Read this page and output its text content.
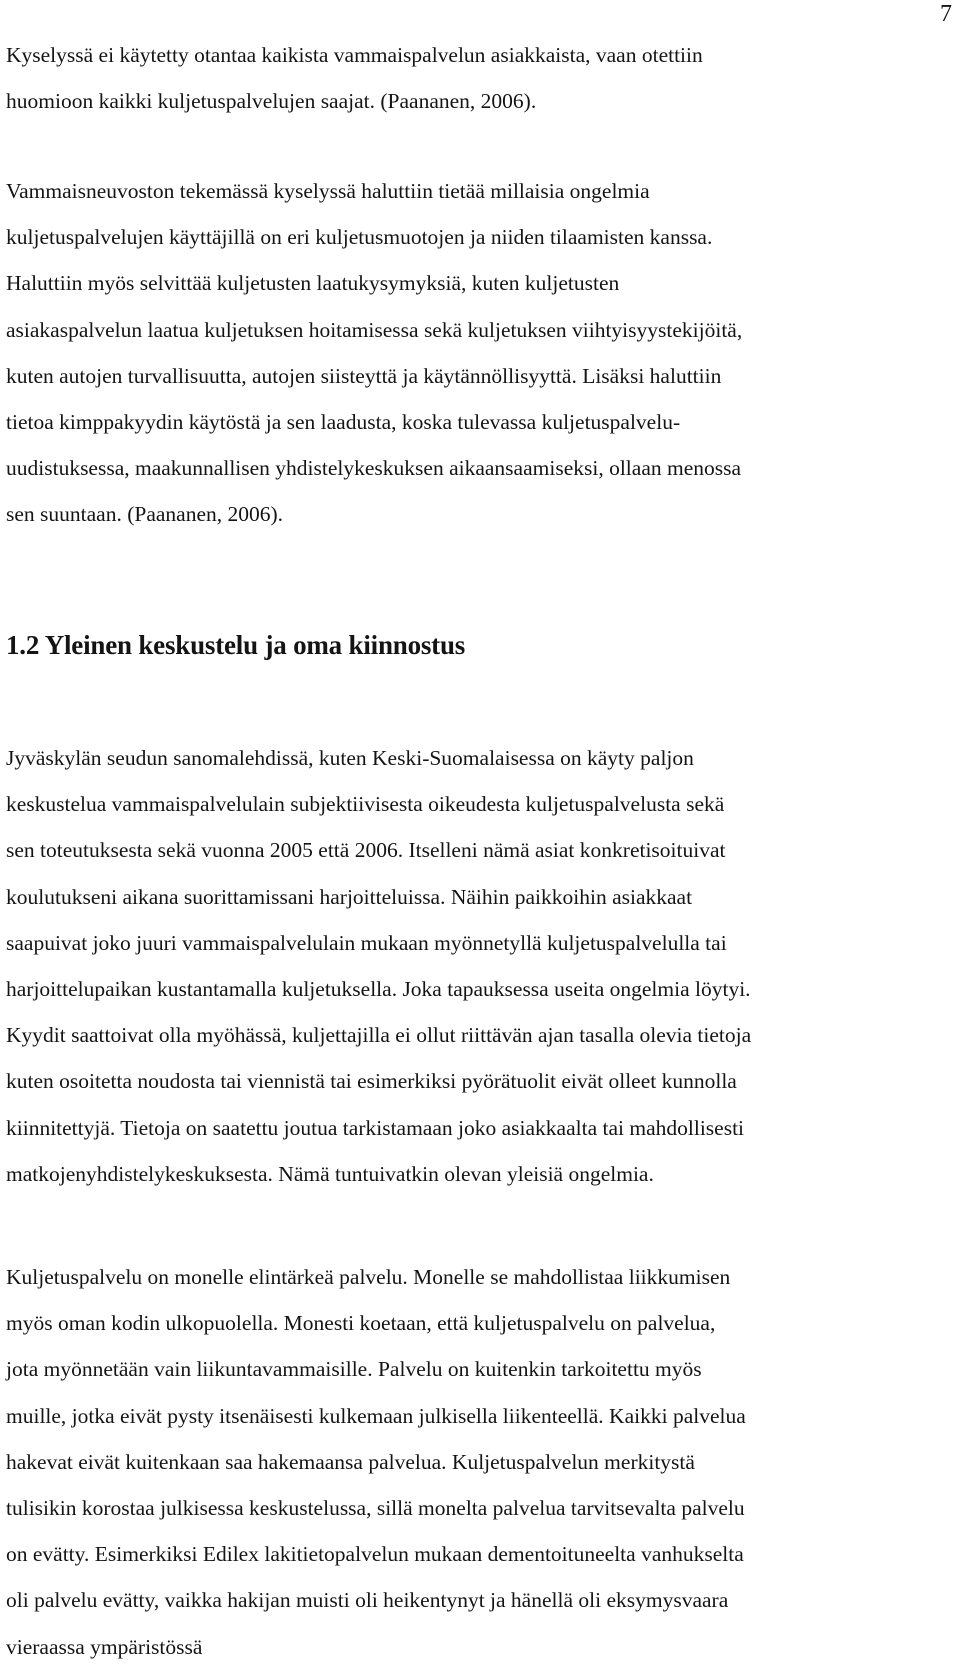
7

Kyselyssä ei käytetty otantaa kaikista vammaispalvelun asiakkaista, vaan otettiin
huomioon kaikki kuljetuspalvelujen saajat. (Paananen, 2006).

Vammaisneuvoston tekemässä kyselyssä haluttiin tietää millaisia ongelmia
kuljetuspalvelujen käyttäjillä on eri kuljetusmuotojen ja niiden tilaamisten kanssa.
Haluttiin myös selvittää kuljetusten laatukysymyksiä, kuten kuljetusten
asiakaspalvelun laatua kuljetuksen hoitamisessa sekä kuljetuksen viihtyisyystekijöitä,
kuten autojen turvallisuutta, autojen siisteyttä ja käytännöllisyyttä. Lisäksi haluttiin
tietoa kimppakyydin käytöstä ja sen laadusta, koska tulevassa kuljetuspalvelu-
uudistuksessa, maakunnallisen yhdistelykeskuksen aikaansaamiseksi, ollaan menossa
sen suuntaan. (Paananen, 2006).

1.2 Yleinen keskustelu ja oma kiinnostus

Jyväskylän seudun sanomalehdissä, kuten Keski-Suomalaisessa on käyty paljon
keskustelua vammaispalvelulain subjektiivisesta oikeudesta kuljetuspalvelusta sekä
sen toteutuksesta sekä vuonna 2005 että 2006. Itselleni nämä asiat konkretisoituivat
koulutukseni aikana suorittamissani harjoitteluissa. Näihin paikkoihin asiakkaat
saapuivat joko juuri vammaispalvelulain mukaan myönnetyllä kuljetuspalvelulla tai
harjoittelupaikan kustantamalla kuljetuksella. Joka tapauksessa useita ongelmia löytyi.
Kyydit saattoivat olla myöhässä, kuljettajilla ei ollut riittävän ajan tasalla olevia tietoja
kuten osoitetta noudosta tai viennistä tai esimerkiksi pyörätuolit eivät olleet kunnolla
kiinnitettyjä. Tietoja on saatettu joutua tarkistamaan joko asiakkaalta tai mahdollisesti
matkojenyhdistelykeskuksesta. Nämä tuntuivatkin olevan yleisiä ongelmia.

Kuljetuspalvelu on monelle elintärkeä palvelu. Monelle se mahdollistaa liikkumisen
myös oman kodin ulkopuolella. Monesti koetaan, että kuljetuspalvelu on palvelua,
jota myönnetään vain liikuntavammaisille. Palvelu on kuitenkin tarkoitettu myös
muille, jotka eivät pysty itsenäisesti kulkemaan julkisella liikenteellä. Kaikki palvelua
hakevat eivät kuitenkaan saa hakemaansa palvelua. Kuljetuspalvelun merkitystä
tulisikin korostaa julkisessa keskustelussa, sillä monelta palvelua tarvitsevalta palvelu
on evätty. Esimerkiksi Edilex lakitietopalvelun mukaan dementoituneelta vanhukselta
oli palvelu evätty, vaikka hakijan muisti oli heikentynyt ja hänellä oli eksymysvaara
vieraassa ympäristössä
